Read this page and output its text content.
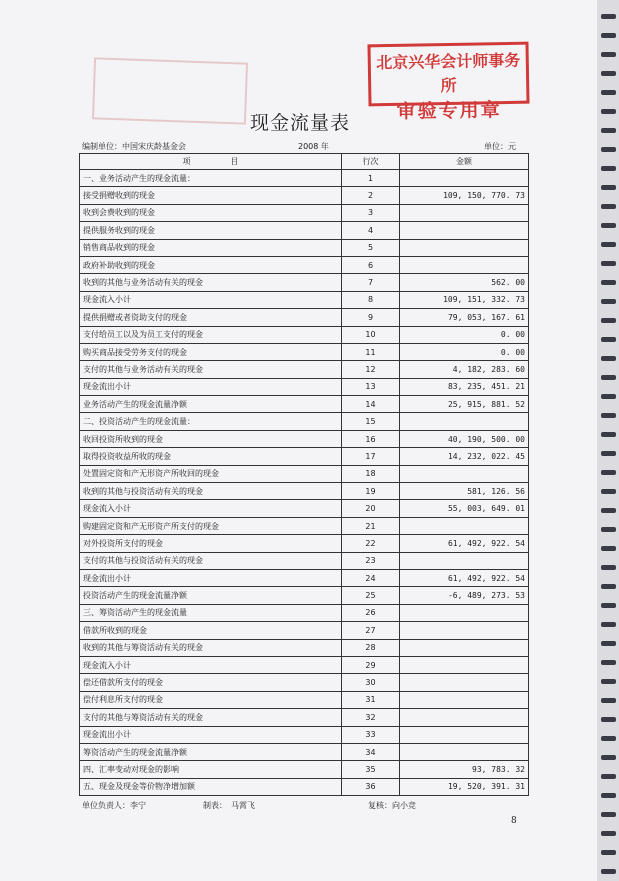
北京兴华会计师事务所
审验专用章
现金流量表
编制单位：中国宋庆龄基金会	2008 年	单位：元
项　　　　　目	行次	金额
一、业务活动产生的现金流量：	1	
接受捐赠收到的现金	2	109, 150, 770. 73
收到会费收到的现金	3	
提供服务收到的现金	4	
销售商品收到的现金	5	
政府补助收到的现金	6	
收到的其他与业务活动有关的现金	7	562. 00
现金流入小计	8	109, 151, 332. 73
提供捐赠或者资助支付的现金	9	79, 053, 167. 61
支付给员工以及为员工支付的现金	10	0. 00
购买商品接受劳务支付的现金	11	0. 00
支付的其他与业务活动有关的现金	12	4, 182, 283. 60
现金流出小计	13	83, 235, 451. 21
业务活动产生的现金流量净额	14	25, 915, 881. 52
二、投资活动产生的现金流量：	15	
收回投资所收到的现金	16	40, 190, 500. 00
取得投资收益所收的现金	17	14, 232, 022. 45
处置固定资和产无形资产所收回的现金	18	
收到的其他与投资活动有关的现金	19	581, 126. 56
现金流入小计	20	55, 003, 649. 01
购建固定资和产无形资产所支付的现金	21	
对外投资所支付的现金	22	61, 492, 922. 54
支付的其他与投资活动有关的现金	23	
现金流出小计	24	61, 492, 922. 54
投资活动产生的现金流量净额	25	-6, 489, 273. 53
三、筹资活动产生的现金流量	26	
借款所收到的现金	27	
收到的其他与筹资活动有关的现金	28	
现金流入小计	29	
偿还借款所支付的现金	30	
偿付利息所支付的现金	31	
支付的其他与筹资活动有关的现金	32	
现金流出小计	33	
筹资活动产生的现金流量净额	34	
四、汇率变动对现金的影响	35	93, 783. 32
五、现金及现金等价物净增加额	36	19, 520, 391. 31
单位负责人：李宁	制表：　马霄飞	复核：向小竞
8
